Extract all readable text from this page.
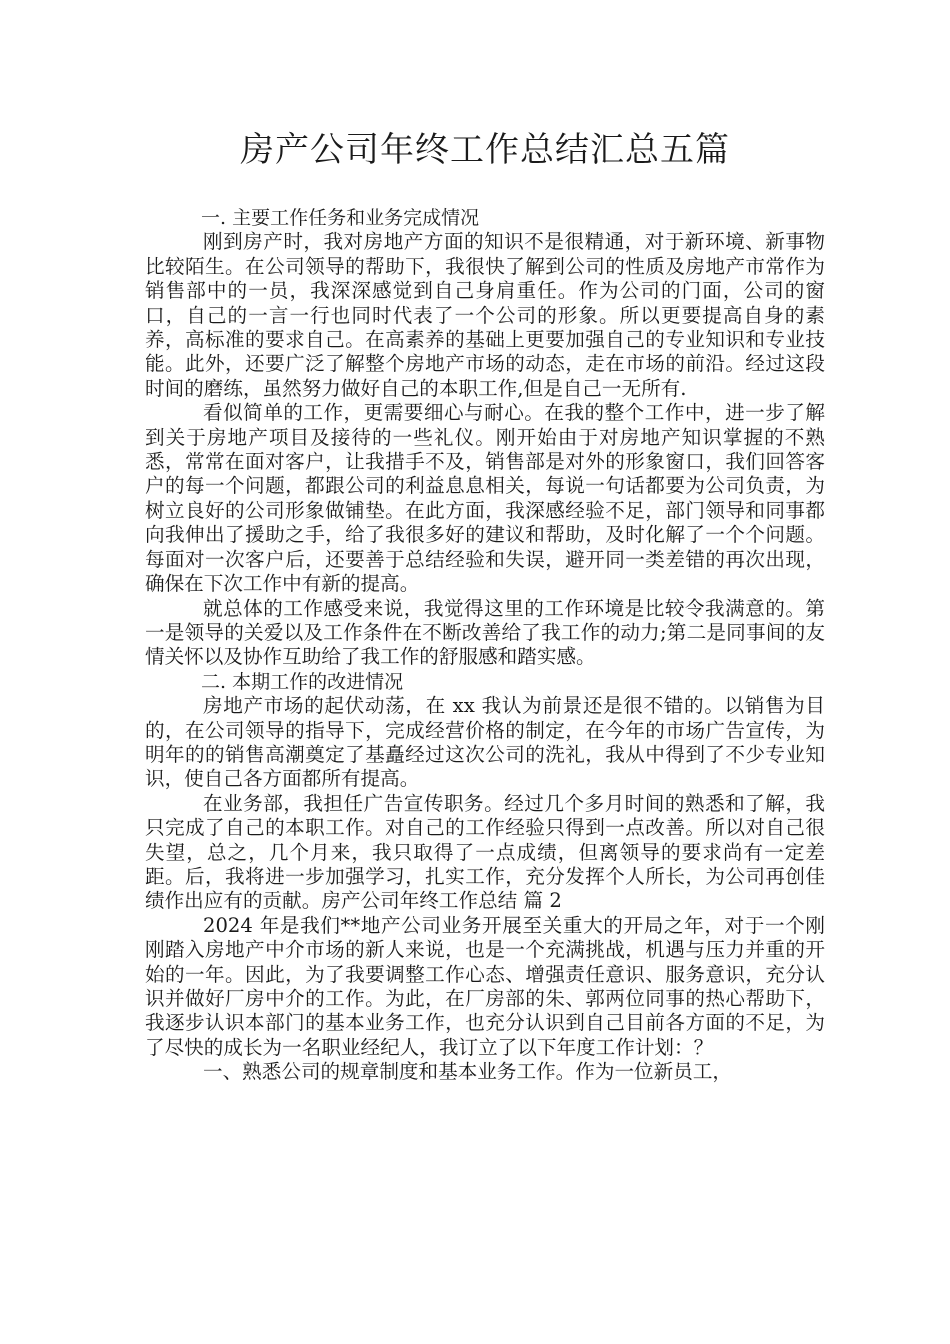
房产公司年终工作总结汇总五篇
一. 主要工作任务和业务完成情况

刚到房产时，我对房地产方面的知识不是很精通，对于新环境、新事物比较陌生。在公司领导的帮助下，我很快了解到公司的性质及房地产市常作为销售部中的一员，我深深感觉到自己身肩重任。作为公司的门面，公司的窗口，自己的一言一行也同时代表了一个公司的形象。所以更要提高自身的素养，高标准的要求自己。在高素养的基础上更要加强自己的专业知识和专业技能。此外，还要广泛了解整个房地产市场的动态，走在市场的前沿。经过这段时间的磨练，虽然努力做好自己的本职工作,但是自己一无所有.

看似简单的工作，更需要细心与耐心。在我的整个工作中，进一步了解到关于房地产项目及接待的一些礼仪。刚开始由于对房地产知识掌握的不熟悉，常常在面对客户，让我措手不及，销售部是对外的形象窗口，我们回答客户的每一个问题，都跟公司的利益息息相关，每说一句话都要为公司负责，为树立良好的公司形象做铺垫。在此方面，我深感经验不足，部门领导和同事都向我伸出了援助之手，给了我很多好的建议和帮助，及时化解了一个个问题。每面对一次客户后，还要善于总结经验和失误，避开同一类差错的再次出现，确保在下次工作中有新的提高。

就总体的工作感受来说，我觉得这里的工作环境是比较令我满意的。第一是领导的关爱以及工作条件在不断改善给了我工作的动力;第二是同事间的友情关怀以及协作互助给了我工作的舒服感和踏实感。

二. 本期工作的改进情况

房地产市场的起伏动荡，在 xx 我认为前景还是很不错的。以销售为目的，在公司领导的指导下，完成经营价格的制定，在今年的市场广告宣传，为明年的的销售高潮奠定了基矗经过这次公司的洗礼，我从中得到了不少专业知识，使自己各方面都所有提高。

在业务部，我担任广告宣传职务。经过几个多月时间的熟悉和了解，我只完成了自己的本职工作。对自己的工作经验只得到一点改善。所以对自己很失望，总之，几个月来，我只取得了一点成绩，但离领导的要求尚有一定差距。后，我将进一步加强学习，扎实工作，充分发挥个人所长，为公司再创佳绩作出应有的贡献。房产公司年终工作总结 篇 2

2024 年是我们**地产公司业务开展至关重大的开局之年，对于一个刚刚踏入房地产中介市场的新人来说，也是一个充满挑战，机遇与压力并重的开始的一年。因此，为了我要调整工作心态、增强责任意识、服务意识，充分认识并做好厂房中介的工作。为此，在厂房部的朱、郭两位同事的热心帮助下，我逐步认识本部门的基本业务工作，也充分认识到自己目前各方面的不足，为了尽快的成长为一名职业经纪人，我订立了以下年度工作计划：？

一、熟悉公司的规章制度和基本业务工作。作为一位新员工，
